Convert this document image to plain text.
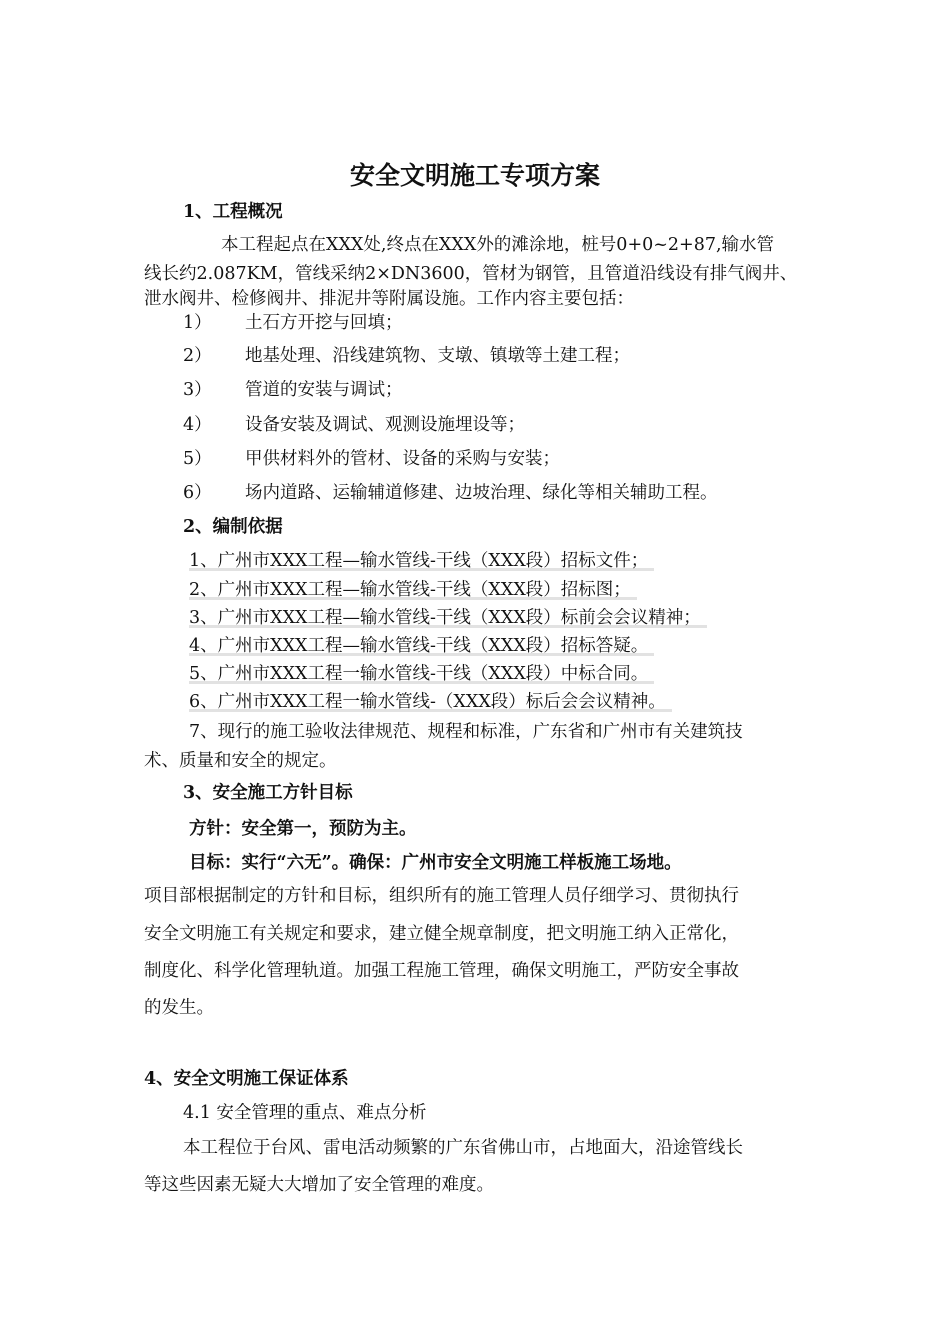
安全文明施工专项方案
1、工程概况
本工程起点在XXX处,终点在XXX外的滩涂地，桩号0+0~2+87,输水管
线长约2.087KM，管线采纳2×DN3600，管材为钢管，且管道沿线设有排气阀井、
泄水阀井、检修阀井、排泥井等附属设施。工作内容主要包括：
1） 土石方开挖与回填；
2） 地基处理、沿线建筑物、支墩、镇墩等土建工程；
3） 管道的安装与调试；
4） 设备安装及调试、观测设施埋设等；
5） 甲供材料外的管材、设备的采购与安装；
6） 场内道路、运输辅道修建、边坡治理、绿化等相关辅助工程。
2、编制依据
1、广州市XXX工程—输水管线-干线（XXX段）招标文件；
2、广州市XXX工程—输水管线-干线（XXX段）招标图；
3、广州市XXX工程—输水管线-干线（XXX段）标前会会议精神；
4、广州市XXX工程—输水管线-干线（XXX段）招标答疑。
5、广州市XXX工程一输水管线-干线（XXX段）中标合同。
6、广州市XXX工程一输水管线-（XXX段）标后会会议精神。
7、现行的施工验收法律规范、规程和标准，广东省和广州市有关建筑技
术、质量和安全的规定。
3、安全施工方针目标
方针：安全第一，预防为主。
目标：实行“六无”。确保：广州市安全文明施工样板施工场地。
项目部根据制定的方针和目标，组织所有的施工管理人员仔细学习、贯彻执行
安全文明施工有关规定和要求，建立健全规章制度，把文明施工纳入正常化，
制度化、科学化管理轨道。加强工程施工管理，确保文明施工，严防安全事故
的发生。
4、安全文明施工保证体系
4.1 安全管理的重点、难点分析
本工程位于台风、雷电活动频繁的广东省佛山市，占地面大，沿途管线长
等这些因素无疑大大增加了安全管理的难度。
